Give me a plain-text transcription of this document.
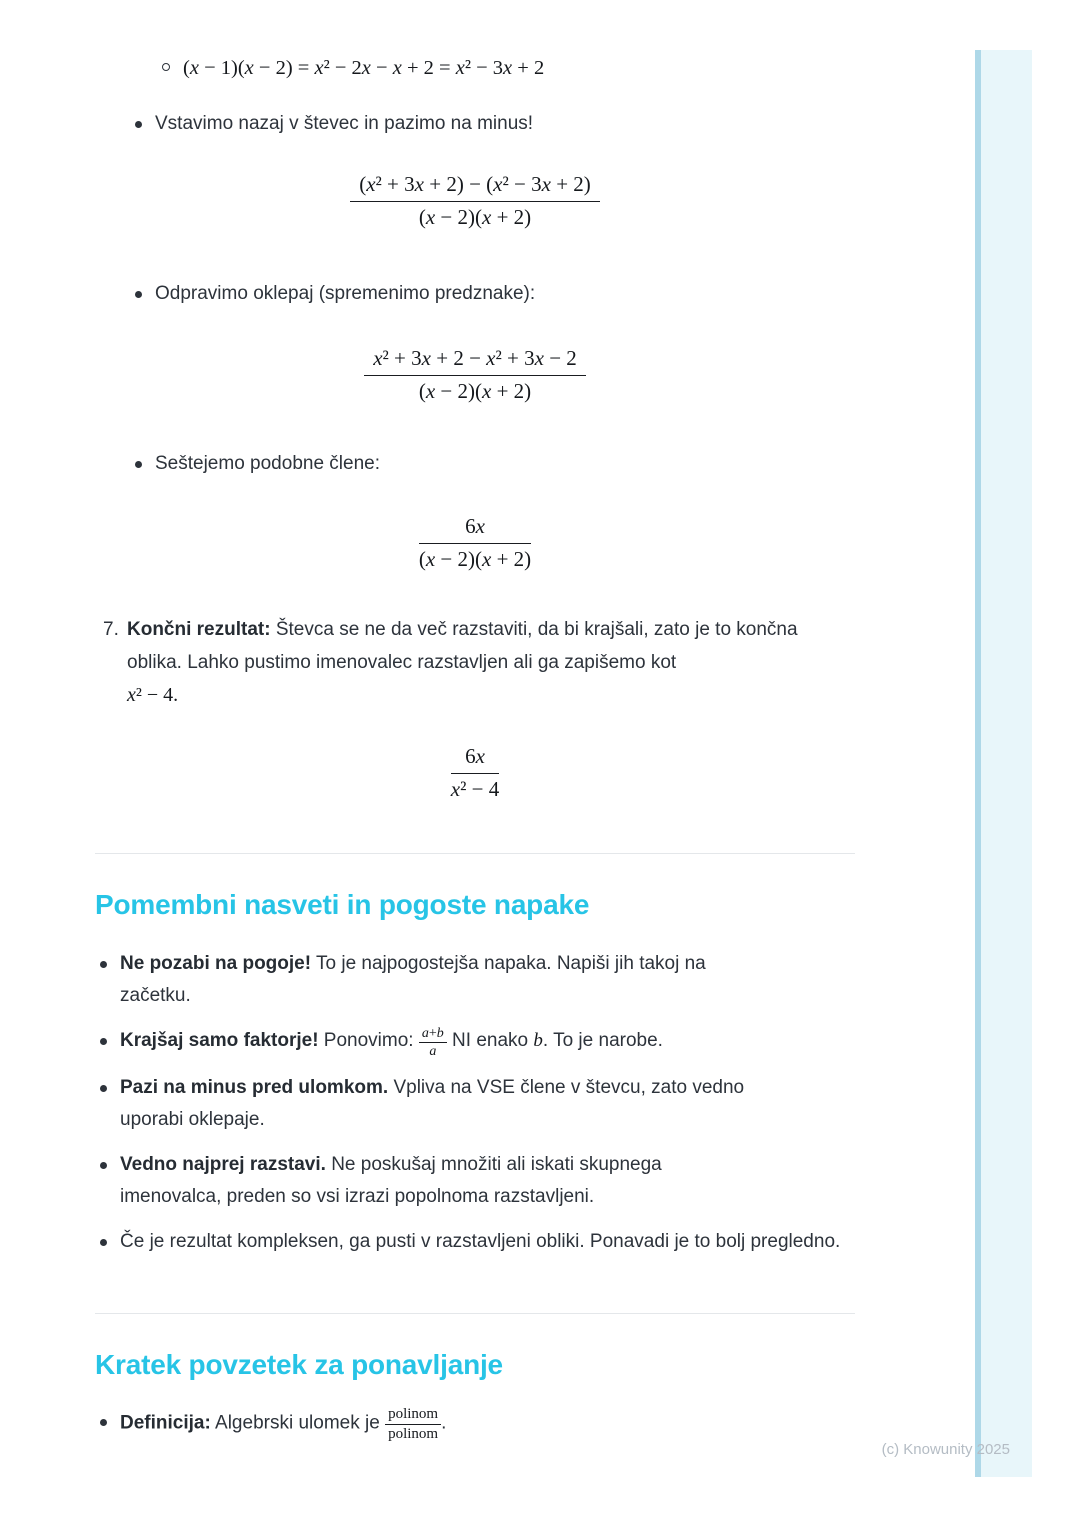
(x − 1)(x − 2) = x² − 2x − x + 2 = x² − 3x + 2
Vstavimo nazaj v števec in pazimo na minus!
$\frac{\text{(x² + 3x + 2) − (x² − 3x + 2)}}{(x - 2)(x + 2)}$
Odpravimo oklepaj (spremenimo predznake):
$\frac{\text{x² + 3x + 2 − x² + 3x − 2}}{(x - 2)(x + 2)}$
Seštejemo podobne člene:
$\frac{6x}{(x - 2)(x + 2)}$
7. Končni rezultat: Števca se ne da več razstaviti, da bi krajšali, zato je to končna oblika. Lahko pustimo imenovalec razstavljen ali ga zapišemo kot
x² − 4.
$\frac{6x}{\text{x² − 4}}$
Pomembni nasveti in pogoste napake
Ne pozabi na pogoje! To je najpogostejša napaka. Napiši jih takoj na začetku.
Krajšaj samo faktorje! Ponovimo: $\frac{a+b}{a}$ NI enako b. To je narobe.
Pazi na minus pred ulomkom. Vpliva na VSE člene v števcu, zato vedno uporabi oklepaje.
Vedno najprej razstavi. Ne poskušaj množiti ali iskati skupnega imenovalca, preden so vsi izrazi popolnoma razstavljeni.
Če je rezultat kompleksen, ga pusti v razstavljeni obliki. Ponavadi je to bolj pregledno.
Kratek povzetek za ponavljanje
Definicija: Algebrski ulomek je polinom
polinom .
(c) Knowunity 2025
